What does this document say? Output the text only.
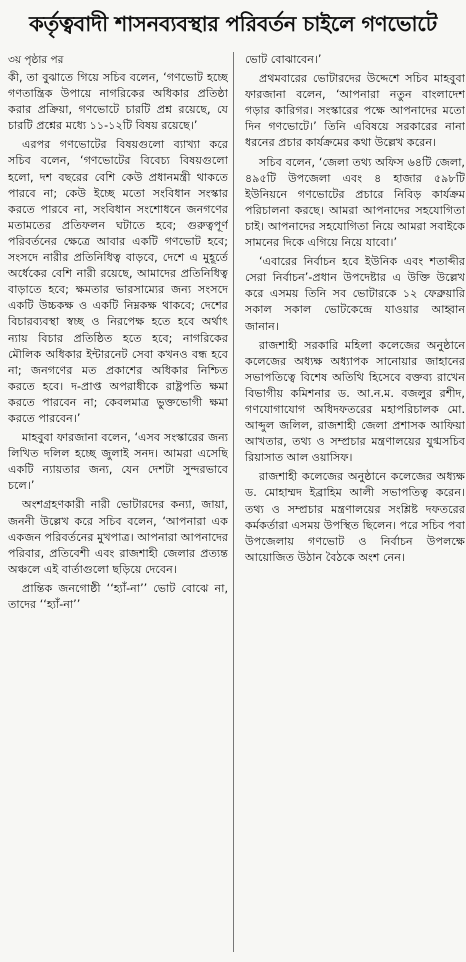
কর্তৃত্ববাদী শাসনব্যবস্থার পরিবর্তন চাইলে গণভোটে
৩য় পৃষ্ঠার পর

কী, তা বুঝাতে গিয়ে সচিব বলেন, ‘গণভোট হচ্ছে গণতান্ত্রিক উপায়ে নাগরিকের অধিকার প্রতিষ্ঠা করার প্রক্রিয়া, গণভোটে চারটি প্রশ্ন রয়েছে, যে চারটি প্রশ্নের মধ্যে ১১-১২টি বিষয় রয়েছে।’

এরপর গণভোটের বিষয়গুলো ব্যাখ্যা করে সচিব বলেন, ‘গণভোটের বিবেচ্য বিষয়গুলো হলো, দশ বছরের বেশি কেউ প্রধানমন্ত্রী থাকতে পারবে না; কেউ ইচ্ছে মতো সংবিধান সংস্কার করতে পারবে না, সংবিধান সংশোধনে জনগণের মতামতের প্রতিফলন ঘটাতে হবে; গুরুত্বপূর্ণ পরিবর্তনের ক্ষেত্রে আবার একটি গণভোট হবে; সংসদে নারীর প্রতিনিধিত্ব বাড়বে, দেশে এ মুহূর্তে অর্ধেকের বেশি নারী রয়েছে, আমাদের প্রতিনিধিত্ব বাড়াতে হবে; ক্ষমতার ভারসাম্যের জন্য সংসদে একটি উচ্চকক্ষ ও একটি নিম্নকক্ষ থাকবে; দেশের বিচারব্যবস্থা স্বচ্ছ ও নিরপেক্ষ হতে হবে অর্থাৎ ন্যায় বিচার প্রতিষ্ঠিত হতে হবে; নাগরিকের মৌলিক অধিকার ইন্টারনেট সেবা কখনও বন্ধ হবে না; জনগণের মত প্রকাশের অধিকার নিশ্চিত করতে হবে। দ-প্রাপ্ত অপরাধীকে রাষ্ট্রপতি ক্ষমা করতে পারবেন না; কেবলমাত্র ভুক্তভোগী ক্ষমা করতে পারবেন।’

মাহবুবা ফারজানা বলেন, ‘এসব সংস্কারের জন্য লিখিত দলিল হচ্ছে জুলাই সনদ। আমরা এসেছি একটি ন্যায়তার জন্য, যেন দেশটা সুন্দরভাবে চলে।’

অংশগ্রহণকারী নারী ভোটারদের কন্যা, জায়া, জননী উল্লেখ করে সচিব বলেন, ‘আপনারা এক একজন পরিবর্তনের মুখপাত্র। আপনারা আপনাদের পরিবার, প্রতিবেশী এবং রাজশাহী জেলার প্রত্যন্ত অঞ্চলে এই বার্তাগুলো ছড়িয়ে দেবেন।

প্রান্তিক জনগোষ্ঠী ‘‘হ্যাঁ-না’’ ভোট বোঝে না, তাদের ‘‘হ্যাঁ-না’’

ভোট বোঝাবেন।’

প্রথমবারের ভোটারদের উদ্দেশে সচিব মাহবুবা ফারজানা বলেন, ‘আপনারা নতুন বাংলাদেশ গড়ার কারিগর। সংস্কারের পক্ষে আপনাদের মতো দিন গণভোটে।’ তিনি এবিষয়ে সরকারের নানা ধরনের প্রচার কার্যক্রমের কথা উল্লেখ করেন।

সচিব বলেন, ‘জেলা তথ্য অফিস ৬৪টি জেলা, ৪৯৫টি উপজেলা এবং ৪ হাজার ৫৯৮টি ইউনিয়নে গণভোটের প্রচারে নিবিড় কার্যক্রম পরিচালনা করছে। আমরা আপনাদের সহযোগিতা চাই। আপনাদের সহযোগিতা নিয়ে আমরা সবাইকে সামনের দিকে এগিয়ে নিয়ে যাবো।’

‘এবারের নির্বাচন হবে ইউনিক এবং শতাব্দীর সেরা নির্বাচন’-প্রধান উপদেষ্টার এ উক্তি উল্লেখ করে এসময় তিনি সব ভোটারকে ১২ ফেব্রুয়ারি সকাল সকাল ভোটকেন্দ্রে যাওয়ার আহ্বান জানান।

রাজশাহী সরকারি মহিলা কলেজের অনুষ্ঠানে কলেজের অধ্যক্ষ অধ্যাপক সানোয়ার জাহানের সভাপতিত্বে বিশেষ অতিথি হিসেবে বক্তব্য রাখেন বিভাগীয় কমিশনার ড. আ.ন.ম. বজলুর রশীদ, গণযোগাযোগ অধিদফতরের মহাপরিচালক মো. আব্দুল জলিল, রাজশাহী জেলা প্রশাসক আফিয়া আখতার, তথ্য ও সম্প্রচার মন্ত্রণালয়ের যুগ্মসচিব রিয়াসাত আল ওয়াসিফ।

রাজশাহী কলেজের অনুষ্ঠানে কলেজের অধ্যক্ষ ড. মোহাম্মদ ইব্রাহিম আলী সভাপতিত্ব করেন। তথ্য ও সম্প্রচার মন্ত্রণালয়ের সংশ্লিষ্ট দফতরের কর্মকর্তারা এসময় উপস্থিত ছিলেন। পরে সচিব পবা উপজেলায় গণভোট ও নির্বাচন উপলক্ষে আয়োজিত উঠান বৈঠকে অংশ নেন।
